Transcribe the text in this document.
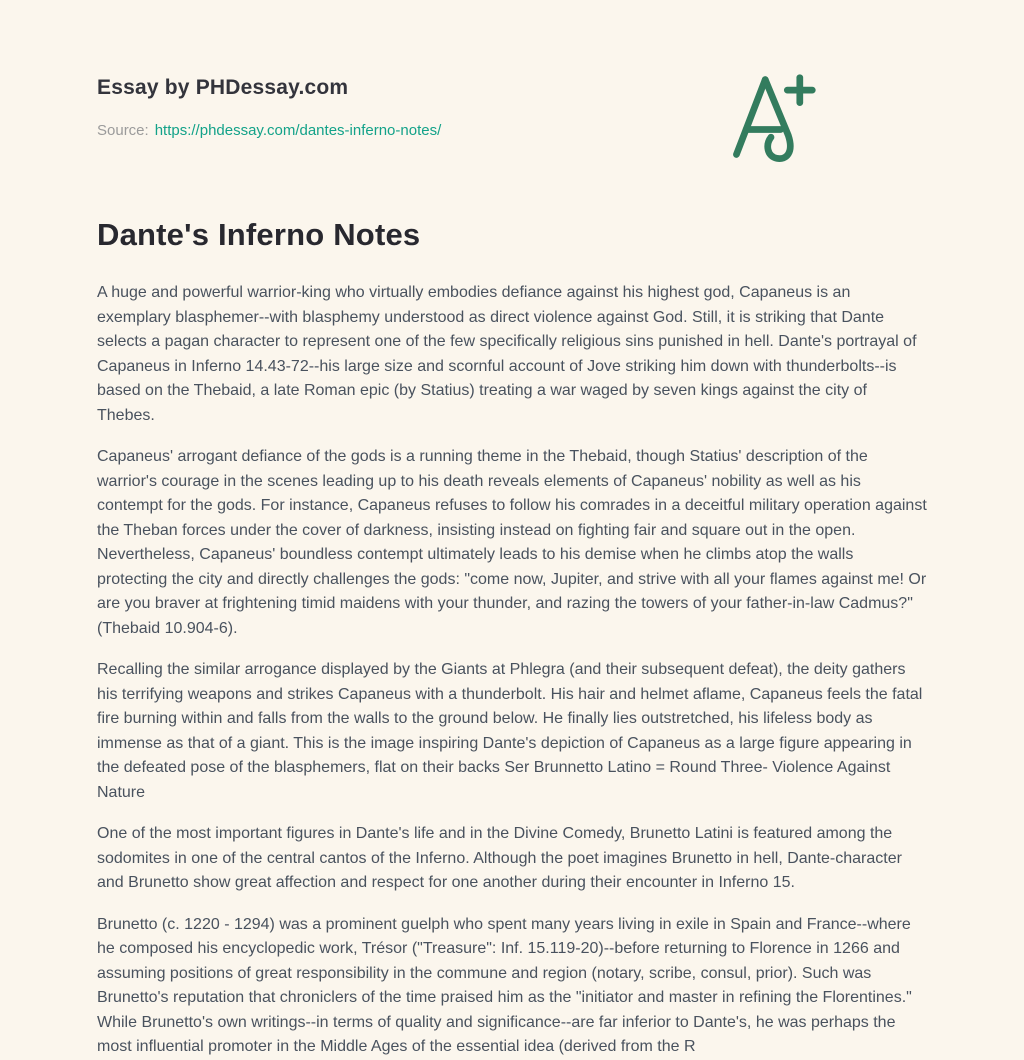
Essay by PHDessay.com

Source: https://phdessay.com/dantes-inferno-notes/

Dante's Inferno Notes

A huge and powerful warrior-king who virtually embodies defiance against his highest god, Capaneus is an exemplary blasphemer--with blasphemy understood as direct violence against God. Still, it is striking that Dante selects a pagan character to represent one of the few specifically religious sins punished in hell. Dante's portrayal of Capaneus in Inferno 14.43-72--his large size and scornful account of Jove striking him down with thunderbolts--is based on the Thebaid, a late Roman epic (by Statius) treating a war waged by seven kings against the city of Thebes.

Capaneus' arrogant defiance of the gods is a running theme in the Thebaid, though Statius' description of the warrior's courage in the scenes leading up to his death reveals elements of Capaneus' nobility as well as his contempt for the gods. For instance, Capaneus refuses to follow his comrades in a deceitful military operation against the Theban forces under the cover of darkness, insisting instead on fighting fair and square out in the open. Nevertheless, Capaneus' boundless contempt ultimately leads to his demise when he climbs atop the walls protecting the city and directly challenges the gods: "come now, Jupiter, and strive with all your flames against me! Or are you braver at frightening timid maidens with your thunder, and razing the towers of your father-in-law Cadmus?" (Thebaid 10.904-6).

Recalling the similar arrogance displayed by the Giants at Phlegra (and their subsequent defeat), the deity gathers his terrifying weapons and strikes Capaneus with a thunderbolt. His hair and helmet aflame, Capaneus feels the fatal fire burning within and falls from the walls to the ground below. He finally lies outstretched, his lifeless body as immense as that of a giant. This is the image inspiring Dante's depiction of Capaneus as a large figure appearing in the defeated pose of the blasphemers, flat on their backs Ser Brunnetto Latino = Round Three- Violence Against Nature

One of the most important figures in Dante's life and in the Divine Comedy, Brunetto Latini is featured among the sodomites in one of the central cantos of the Inferno. Although the poet imagines Brunetto in hell, Dante-character and Brunetto show great affection and respect for one another during their encounter in Inferno 15.

Brunetto (c. 1220 - 1294) was a prominent guelph who spent many years living in exile in Spain and France--where he composed his encyclopedic work, Trésor ("Treasure": Inf. 15.119-20)--before returning to Florence in 1266 and assuming positions of great responsibility in the commune and region (notary, scribe, consul, prior). Such was Brunetto's reputation that chroniclers of the time praised him as the "initiator and master in refining the Florentines." While Brunetto's own writings--in terms of quality and significance--are far inferior to Dante's, he was perhaps the most influential promoter in the Middle Ages of the essential idea (derived from the R
